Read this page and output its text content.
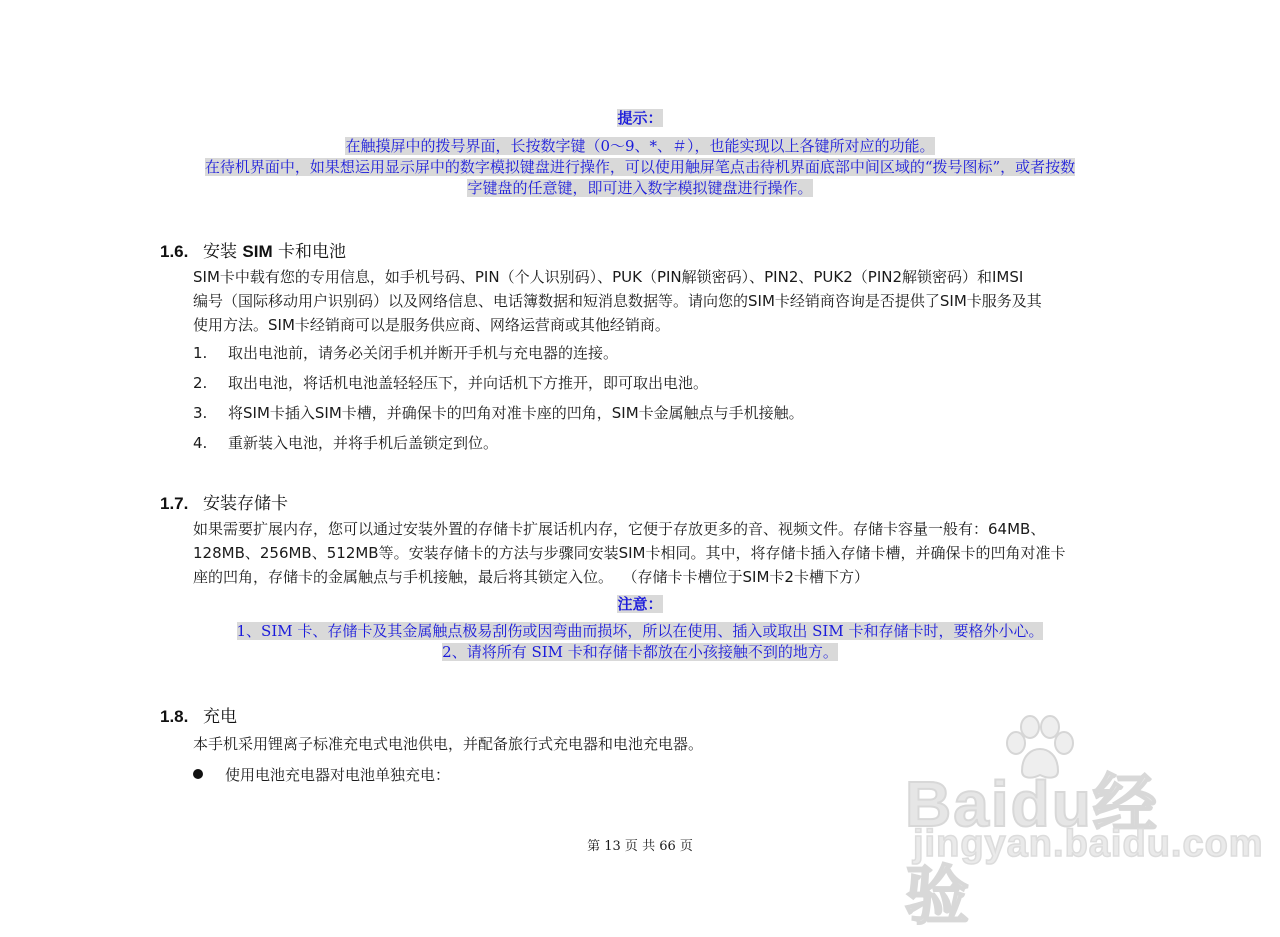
提示：
在触摸屏中的拨号界面，长按数字键（0～9、*、＃），也能实现以上各键所对应的功能。
在待机界面中，如果想运用显示屏中的数字模拟键盘进行操作，可以使用触屏笔点击待机界面底部中间区域的“拨号图标”，或者按数
字键盘的任意键，即可进入数字模拟键盘进行操作。
1.6. 安装 SIM 卡和电池
SIM卡中载有您的专用信息，如手机号码、PIN（个人识别码）、PUK（PIN解锁密码）、PIN2、PUK2（PIN2解锁密码）和IMSI
编号（国际移动用户识别码）以及网络信息、电话簿数据和短消息数据等。请向您的SIM卡经销商咨询是否提供了SIM卡服务及其
使用方法。SIM卡经销商可以是服务供应商、网络运营商或其他经销商。
1. 取出电池前，请务必关闭手机并断开手机与充电器的连接。
2. 取出电池，将话机电池盖轻轻压下，并向话机下方推开，即可取出电池。
3. 将SIM卡插入SIM卡槽，并确保卡的凹角对准卡座的凹角，SIM卡金属触点与手机接触。
4. 重新装入电池，并将手机后盖锁定到位。
1.7. 安装存储卡
如果需要扩展内存，您可以通过安装外置的存储卡扩展话机内存，它便于存放更多的音、视频文件。存储卡容量一般有：64MB、
128MB、256MB、512MB等。安装存储卡的方法与步骤同安装SIM卡相同。其中，将存储卡插入存储卡槽，并确保卡的凹角对准卡
座的凹角，存储卡的金属触点与手机接触，最后将其锁定入位。  （存储卡卡槽位于SIM卡2卡槽下方）
注意：
1、SIM 卡、存储卡及其金属触点极易刮伤或因弯曲而损坏，所以在使用、插入或取出 SIM 卡和存储卡时，要格外小心。
2、请将所有 SIM 卡和存储卡都放在小孩接触不到的地方。
1.8. 充电
本手机采用锂离子标准充电式电池供电，并配备旅行式充电器和电池充电器。
使用电池充电器对电池单独充电：
第 13 页 共 66 页
Baidu经验
jingyan.baidu.com
